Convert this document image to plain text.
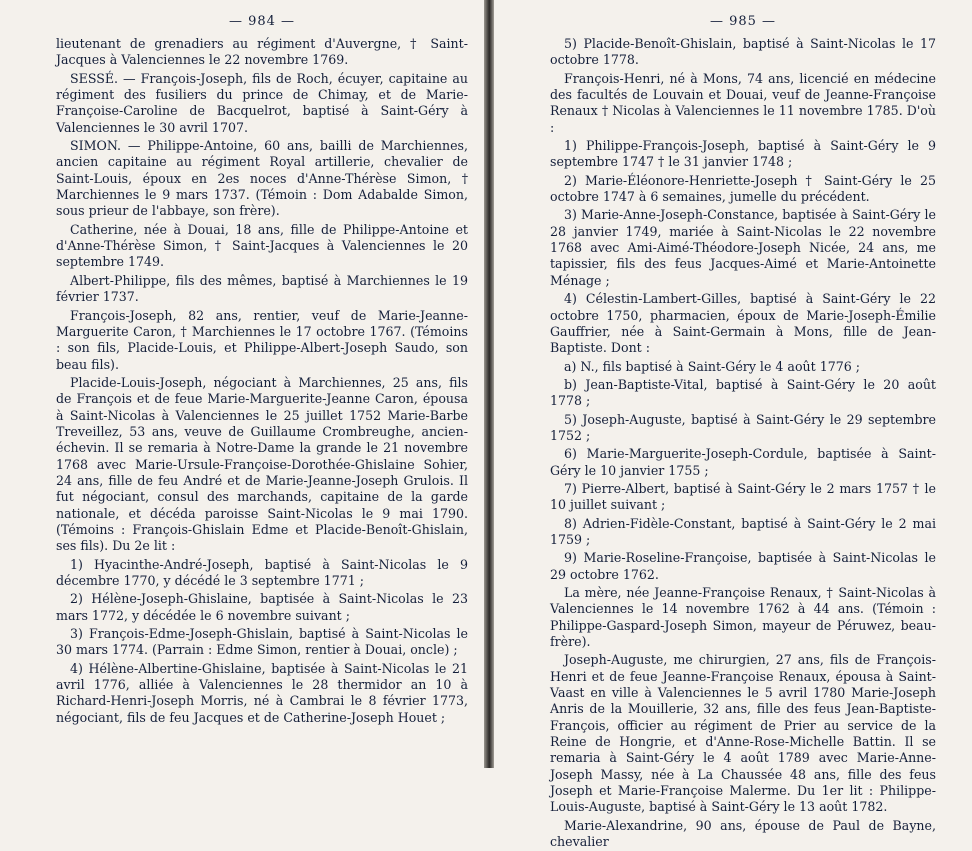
— 984 —

lieutenant de grenadiers au régiment d'Auvergne, † Saint-Jacques à Valenciennes le 22 novembre 1769.

SESSÉ. — François-Joseph, fils de Roch, écuyer, capitaine au régiment des fusiliers du prince de Chimay, et de Marie-Françoise-Caroline de Bacquelrot, baptisé à Saint-Géry à Valenciennes le 30 avril 1707.

SIMON. — Philippe-Antoine, 60 ans, bailli de Marchiennes, ancien capitaine au régiment Royal artillerie, chevalier de Saint-Louis, époux en 2es noces d'Anne-Thérèse Simon, † Marchiennes le 9 mars 1737. (Témoin : Dom Adabalde Simon, sous prieur de l'abbaye, son frère).

Catherine, née à Douai, 18 ans, fille de Philippe-Antoine et d'Anne-Thérèse Simon, † Saint-Jacques à Valenciennes le 20 septembre 1749.

Albert-Philippe, fils des mêmes, baptisé à Marchiennes le 19 février 1737.

François-Joseph, 82 ans, rentier, veuf de Marie-Jeanne-Marguerite Caron, † Marchiennes le 17 octobre 1767. (Témoins : son fils, Placide-Louis, et Philippe-Albert-Joseph Saudo, son beau fils).

Placide-Louis-Joseph, négociant à Marchiennes, 25 ans, fils de François et de feue Marie-Marguerite-Jeanne Caron, épousa à Saint-Nicolas à Valenciennes le 25 juillet 1752 Marie-Barbe Treveillez, 53 ans, veuve de Guillaume Crombreughe, ancien-échevin. Il se remaria à Notre-Dame la grande le 21 novembre 1768 avec Marie-Ursule-Françoise-Dorothée-Ghislaine Sohier, 24 ans, fille de feu André et de Marie-Jeanne-Joseph Grulois. Il fut négociant, consul des marchands, capitaine de la garde nationale, et décéda paroisse Saint-Nicolas le 9 mai 1790. (Témoins : François-Ghislain Edme et Placide-Benoît-Ghislain, ses fils). Du 2e lit :

1) Hyacinthe-André-Joseph, baptisé à Saint-Nicolas le 9 décembre 1770, y décédé le 3 septembre 1771 ;

2) Hélène-Joseph-Ghislaine, baptisée à Saint-Nicolas le 23 mars 1772, y décédée le 6 novembre suivant ;

3) François-Edme-Joseph-Ghislain, baptisé à Saint-Nicolas le 30 mars 1774. (Parrain : Edme Simon, rentier à Douai, oncle) ;

4) Hélène-Albertine-Ghislaine, baptisée à Saint-Nicolas le 21 avril 1776, alliée à Valenciennes le 28 thermidor an 10 à Richard-Henri-Joseph Morris, né à Cambrai le 8 février 1773, négociant, fils de feu Jacques et de Catherine-Joseph Houet ;

— 985 —

5) Placide-Benoît-Ghislain, baptisé à Saint-Nicolas le 17 octobre 1778.

François-Henri, né à Mons, 74 ans, licencié en médecine des facultés de Louvain et Douai, veuf de Jeanne-Françoise Renaux † Nicolas à Valenciennes le 11 novembre 1785. D'où :

1) Philippe-François-Joseph, baptisé à Saint-Géry le 9 septembre 1747 † le 31 janvier 1748 ;

2) Marie-Éléonore-Henriette-Joseph † Saint-Géry le 25 octobre 1747 à 6 semaines, jumelle du précédent.

3) Marie-Anne-Joseph-Constance, baptisée à Saint-Géry le 28 janvier 1749, mariée à Saint-Nicolas le 22 novembre 1768 avec Ami-Aimé-Théodore-Joseph Nicée, 24 ans, me tapissier, fils des feus Jacques-Aimé et Marie-Antoinette Ménage ;

4) Célestin-Lambert-Gilles, baptisé à Saint-Géry le 22 octobre 1750, pharmacien, époux de Marie-Joseph-Émilie Gauffrier, née à Saint-Germain à Mons, fille de Jean-Baptiste. Dont :

a) N., fils baptisé à Saint-Géry le 4 août 1776 ;

b) Jean-Baptiste-Vital, baptisé à Saint-Géry le 20 août 1778 ;

5) Joseph-Auguste, baptisé à Saint-Géry le 29 septembre 1752 ;

6) Marie-Marguerite-Joseph-Cordule, baptisée à Saint-Géry le 10 janvier 1755 ;

7) Pierre-Albert, baptisé à Saint-Géry le 2 mars 1757 † le 10 juillet suivant ;

8) Adrien-Fidèle-Constant, baptisé à Saint-Géry le 2 mai 1759 ;

9) Marie-Roseline-Françoise, baptisée à Saint-Nicolas le 29 octobre 1762.

La mère, née Jeanne-Françoise Renaux, † Saint-Nicolas à Valenciennes le 14 novembre 1762 à 44 ans. (Témoin : Philippe-Gaspard-Joseph Simon, mayeur de Péruwez, beau-frère).

Joseph-Auguste, me chirurgien, 27 ans, fils de François-Henri et de feue Jeanne-Françoise Renaux, épousa à Saint-Vaast en ville à Valenciennes le 5 avril 1780 Marie-Joseph Anris de la Mouillerie, 32 ans, fille des feus Jean-Baptiste-François, officier au régiment de Prier au service de la Reine de Hongrie, et d'Anne-Rose-Michelle Battin. Il se remaria à Saint-Géry le 4 août 1789 avec Marie-Anne-Joseph Massy, née à La Chaussée 48 ans, fille des feus Joseph et Marie-Françoise Malerme. Du 1er lit : Philippe-Louis-Auguste, baptisé à Saint-Géry le 13 août 1782.

Marie-Alexandrine, 90 ans, épouse de Paul de Bayne, chevalier
